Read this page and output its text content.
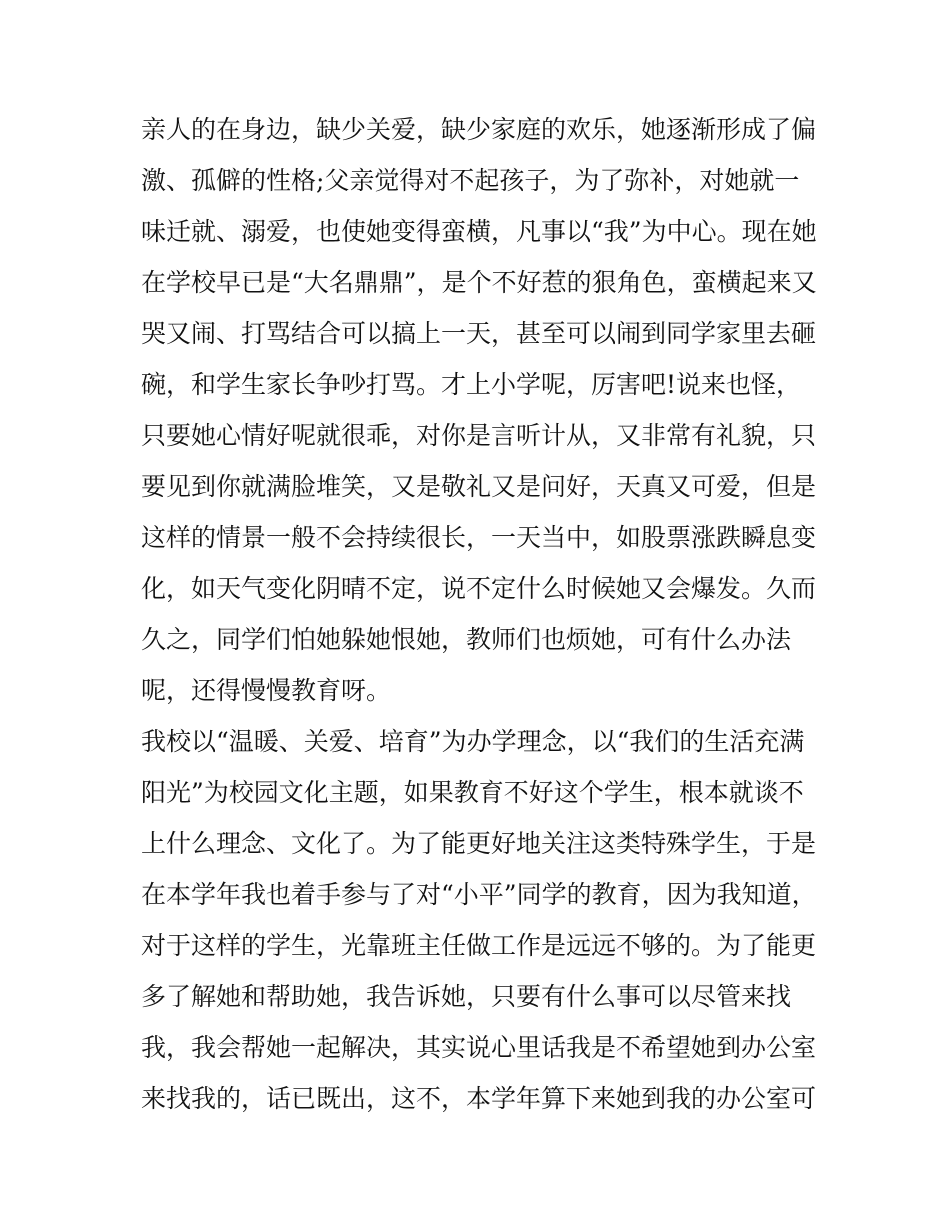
亲人的在身边，缺少关爱，缺少家庭的欢乐，她逐渐形成了偏
激、孤僻的性格;父亲觉得对不起孩子，为了弥补，对她就一
味迁就、溺爱，也使她变得蛮横，凡事以“我”为中心。现在她
在学校早已是“大名鼎鼎”，是个不好惹的狠角色，蛮横起来又
哭又闹、打骂结合可以搞上一天，甚至可以闹到同学家里去砸
碗，和学生家长争吵打骂。才上小学呢，厉害吧!说来也怪，
只要她心情好呢就很乖，对你是言听计从，又非常有礼貌，只
要见到你就满脸堆笑，又是敬礼又是问好，天真又可爱，但是
这样的情景一般不会持续很长，一天当中，如股票涨跌瞬息变
化，如天气变化阴晴不定，说不定什么时候她又会爆发。久而
久之，同学们怕她躲她恨她，教师们也烦她，可有什么办法
呢，还得慢慢教育呀。
我校以“温暖、关爱、培育”为办学理念，以“我们的生活充满
阳光”为校园文化主题，如果教育不好这个学生，根本就谈不
上什么理念、文化了。为了能更好地关注这类特殊学生，于是
在本学年我也着手参与了对“小平”同学的教育，因为我知道，
对于这样的学生，光靠班主任做工作是远远不够的。为了能更
多了解她和帮助她，我告诉她，只要有什么事可以尽管来找
我，我会帮她一起解决，其实说心里话我是不希望她到办公室
来找我的，话已既出，这不，本学年算下来她到我的办公室可
